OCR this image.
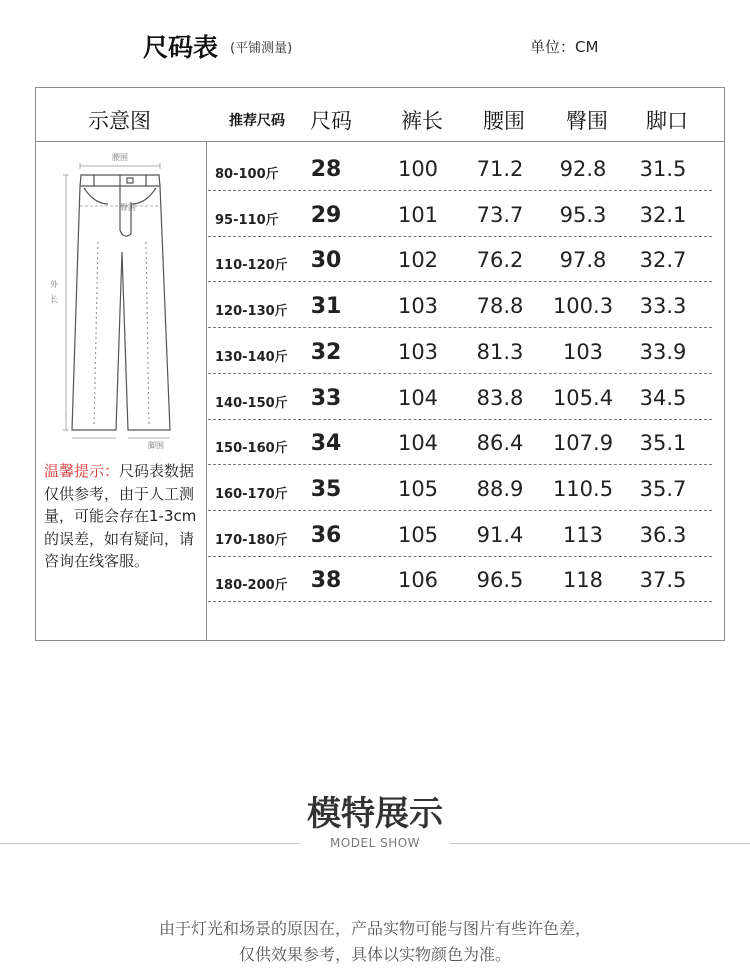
尺码表 (平铺测量)	单位：CM
示意图	推荐尺码 尺码 裤长 腰围 臀围 脚口
腰围
臀围
外
长
脚围
温馨提示：尺码表数据仅供参考，由于人工测量，可能会存在1-3cm的误差，如有疑问，请咨询在线客服。
80-100斤	28	100	71.2	92.8	31.5
95-110斤	29	101	73.7	95.3	32.1
110-120斤	30	102	76.2	97.8	32.7
120-130斤	31	103	78.8	100.3	33.3
130-140斤	32	103	81.3	103	33.9
140-150斤	33	104	83.8	105.4	34.5
150-160斤	34	104	86.4	107.9	35.1
160-170斤	35	105	88.9	110.5	35.7
170-180斤	36	105	91.4	113	36.3
180-200斤	38	106	96.5	118	37.5
模特展示
MODEL SHOW
由于灯光和场景的原因在，产品实物可能与图片有些许色差，
仅供效果参考，具体以实物颜色为准。
